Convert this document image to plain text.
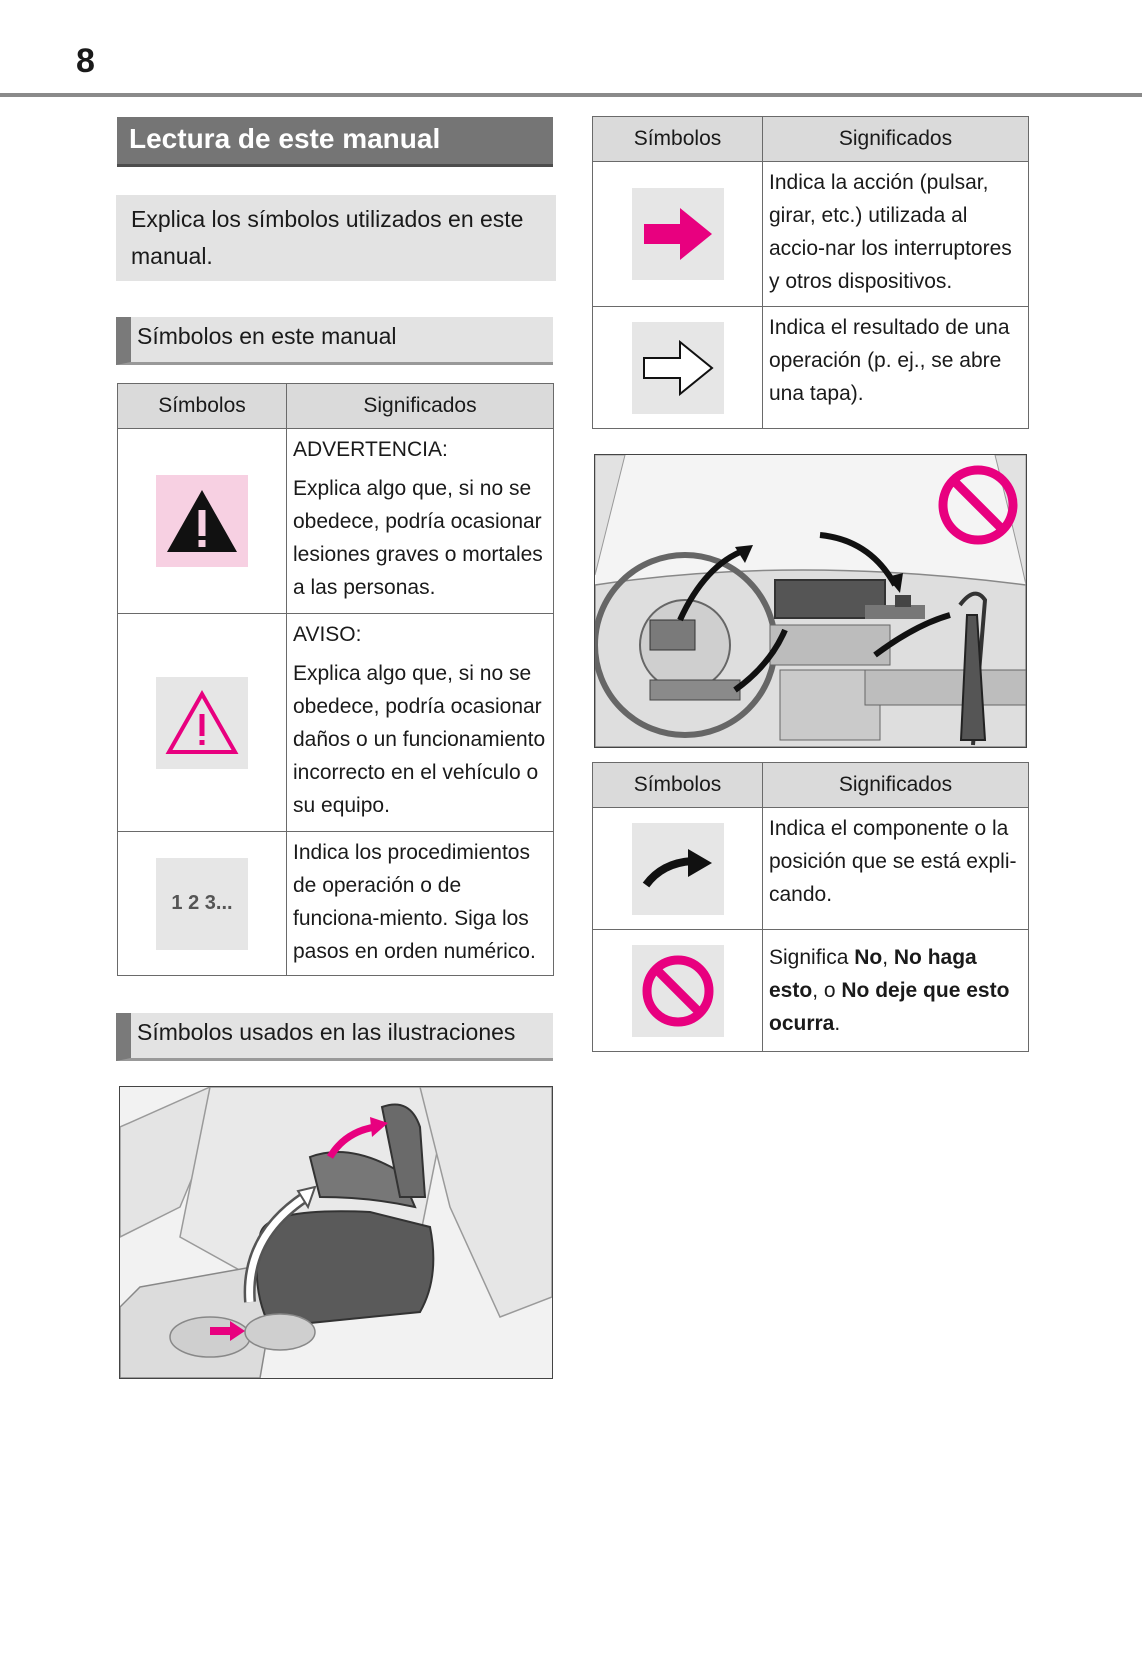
8
Lectura de este manual
Explica los símbolos utilizados en este manual.
Símbolos en este manual
Símbolos	Significados

ADVERTENCIA:
Explica algo que, si no se obedece, podría ocasionar lesiones graves o mortales a las personas.

AVISO:
Explica algo que, si no se obedece, podría ocasionar daños o un funcionamiento incorrecto en el vehículo o su equipo.

1 2 3...	Indica los procedimientos de operación o de funciona-miento. Siga los pasos en orden numérico.
Símbolos usados en las ilustraciones
Símbolos	Significados

Indica la acción (pulsar, girar, etc.) utilizada al accio-nar los interruptores y otros dispositivos.

Indica el resultado de una operación (p. ej., se abre una tapa).
Símbolos	Significados

Indica el componente o la posición que se está expli-cando.

Significa No, No haga esto, o No deje que esto ocurra.
